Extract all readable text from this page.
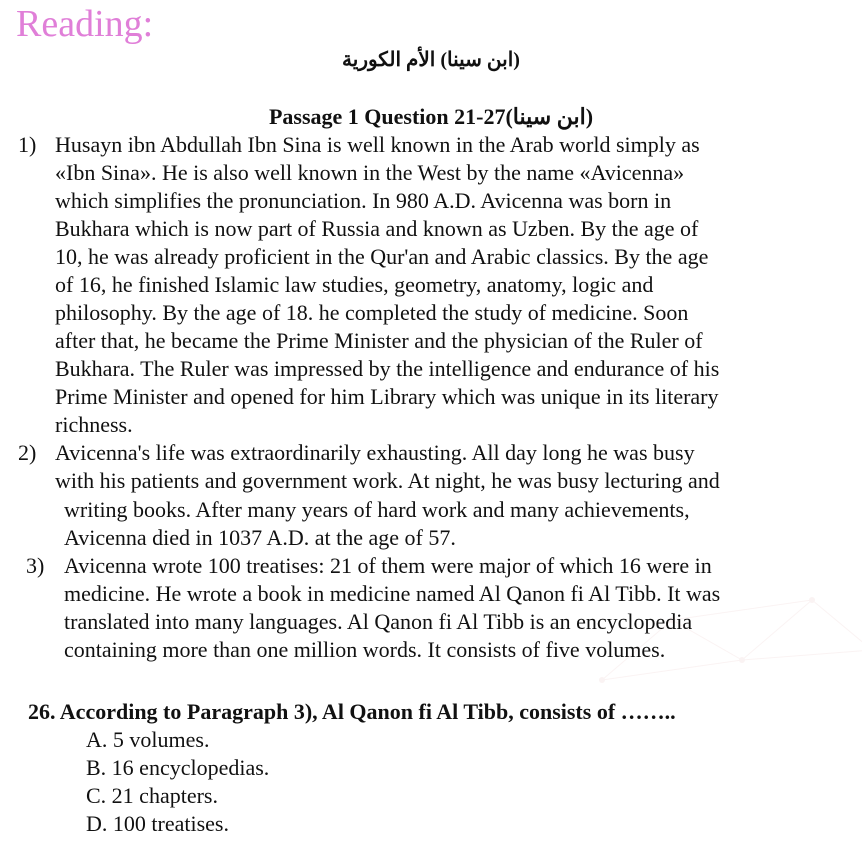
Reading:
(ابن سينا) الأم الكورية
Passage 1 Question 21-27(ابن سينا)
1) Husayn ibn Abdullah Ibn Sina is well known in the Arab world simply as
«Ibn Sina». He is also well known in the West by the name «Avicenna»
which simplifies the pronunciation. In 980 A.D. Avicenna was born in
Bukhara which is now part of Russia and known as Uzben. By the age of
10, he was already proficient in the Qur'an and Arabic classics. By the age
of 16, he finished Islamic law studies, geometry, anatomy, logic and
philosophy. By the age of 18. he completed the study of medicine. Soon
after that, he became the Prime Minister and the physician of the Ruler of
Bukhara. The Ruler was impressed by the intelligence and endurance of his
Prime Minister and opened for him Library which was unique in its literary
richness.
2) Avicenna's life was extraordinarily exhausting. All day long he was busy
with his patients and government work. At night, he was busy lecturing and
writing books. After many years of hard work and many achievements,
Avicenna died in 1037 A.D. at the age of 57.
3) Avicenna wrote 100 treatises: 21 of them were major of which 16 were in
medicine. He wrote a book in medicine named Al Qanon fi Al Tibb. It was
translated into many languages. Al Qanon fi Al Tibb is an encyclopedia
containing more than one million words. It consists of five volumes.
26. According to Paragraph 3), Al Qanon fi Al Tibb, consists of ……..
A. 5 volumes.
B. 16 encyclopedias.
C. 21 chapters.
D. 100 treatises.
